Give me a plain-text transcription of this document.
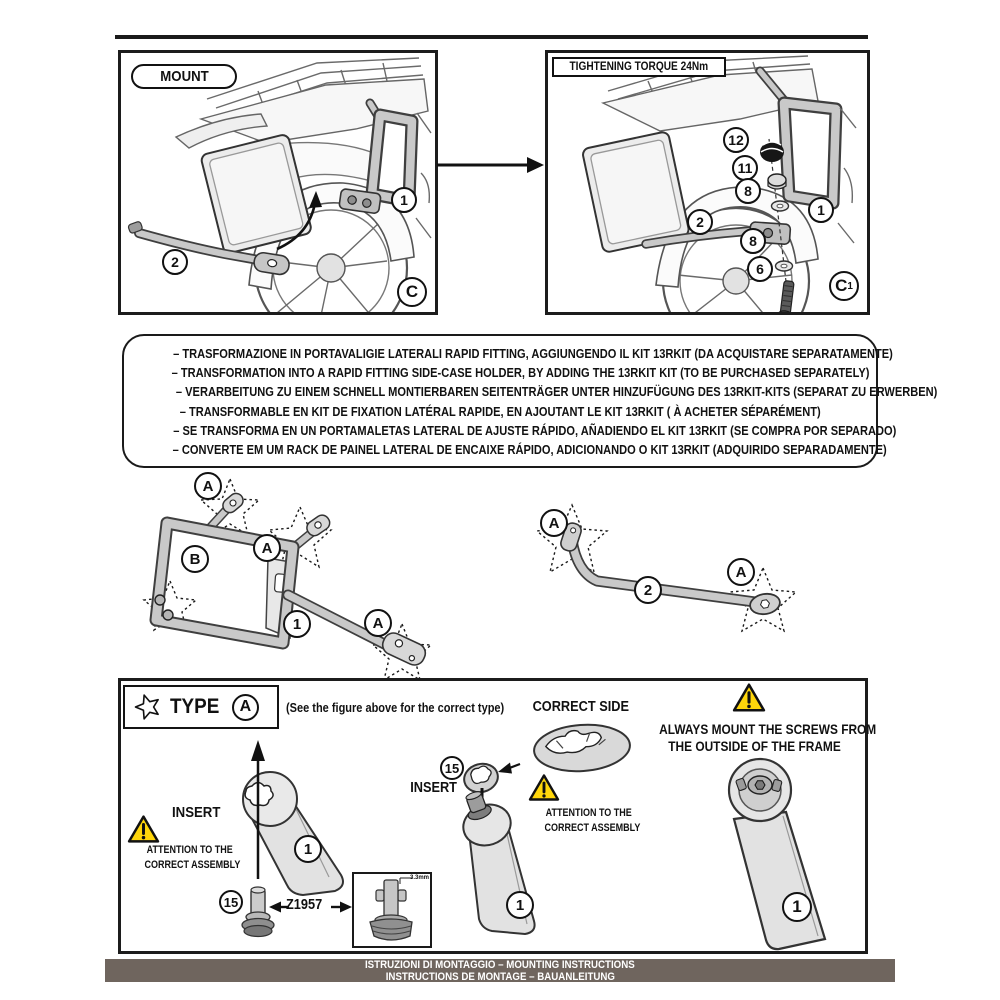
MOUNT
2
1
C
TIGHTENING TORQUE 24Nm
12
11
8
2
8
6
1
C 1
– TRASFORMAZIONE IN PORTAVALIGIE LATERALI RAPID FITTING, AGGIUNGENDO IL KIT 13RKIT (DA ACQUISTARE SEPARATAMENTE)
– TRANSFORMATION INTO A RAPID FITTING SIDE-CASE HOLDER, BY ADDING THE 13RKIT KIT (TO BE PURCHASED SEPARATELY)
– VERARBEITUNG ZU EINEM SCHNELL MONTIERBAREN SEITENTRÄGER UNTER HINZUFÜGUNG DES 13RKIT-KITS (SEPARAT ZU ERWERBEN)
– TRANSFORMABLE EN KIT DE FIXATION LATÉRAL RAPIDE, EN AJOUTANT LE KIT 13RKIT ( À ACHETER SÉPARÉMENT)
– SE TRANSFORMA EN UN PORTAMALETAS LATERAL DE AJUSTE RÁPIDO, AÑADIENDO EL KIT 13RKIT (SE COMPRA POR SEPARADO)
– CONVERTE EM UM RACK DE PAINEL LATERAL DE ENCAIXE RÁPIDO, ADICIONANDO O KIT 13RKIT (ADQUIRIDO SEPARADAMENTE)
A
A
B
1	A
A
2
A
TYPE A	(See the figure above for the correct type)	CORRECT SIDE
ALWAYS MOUNT THE SCREWS FROM
THE OUTSIDE OF THE FRAME
INSERT
ATTENTION TO THE
CORRECT ASSEMBLY
INSERT
ATTENTION TO THE
CORRECT ASSEMBLY
Z1957
3.3mm
15
15
1
1	1
ISTRUZIONI DI MONTAGGIO – MOUNTING INSTRUCTIONS
INSTRUCTIONS DE MONTAGE – BAUANLEITUNG
